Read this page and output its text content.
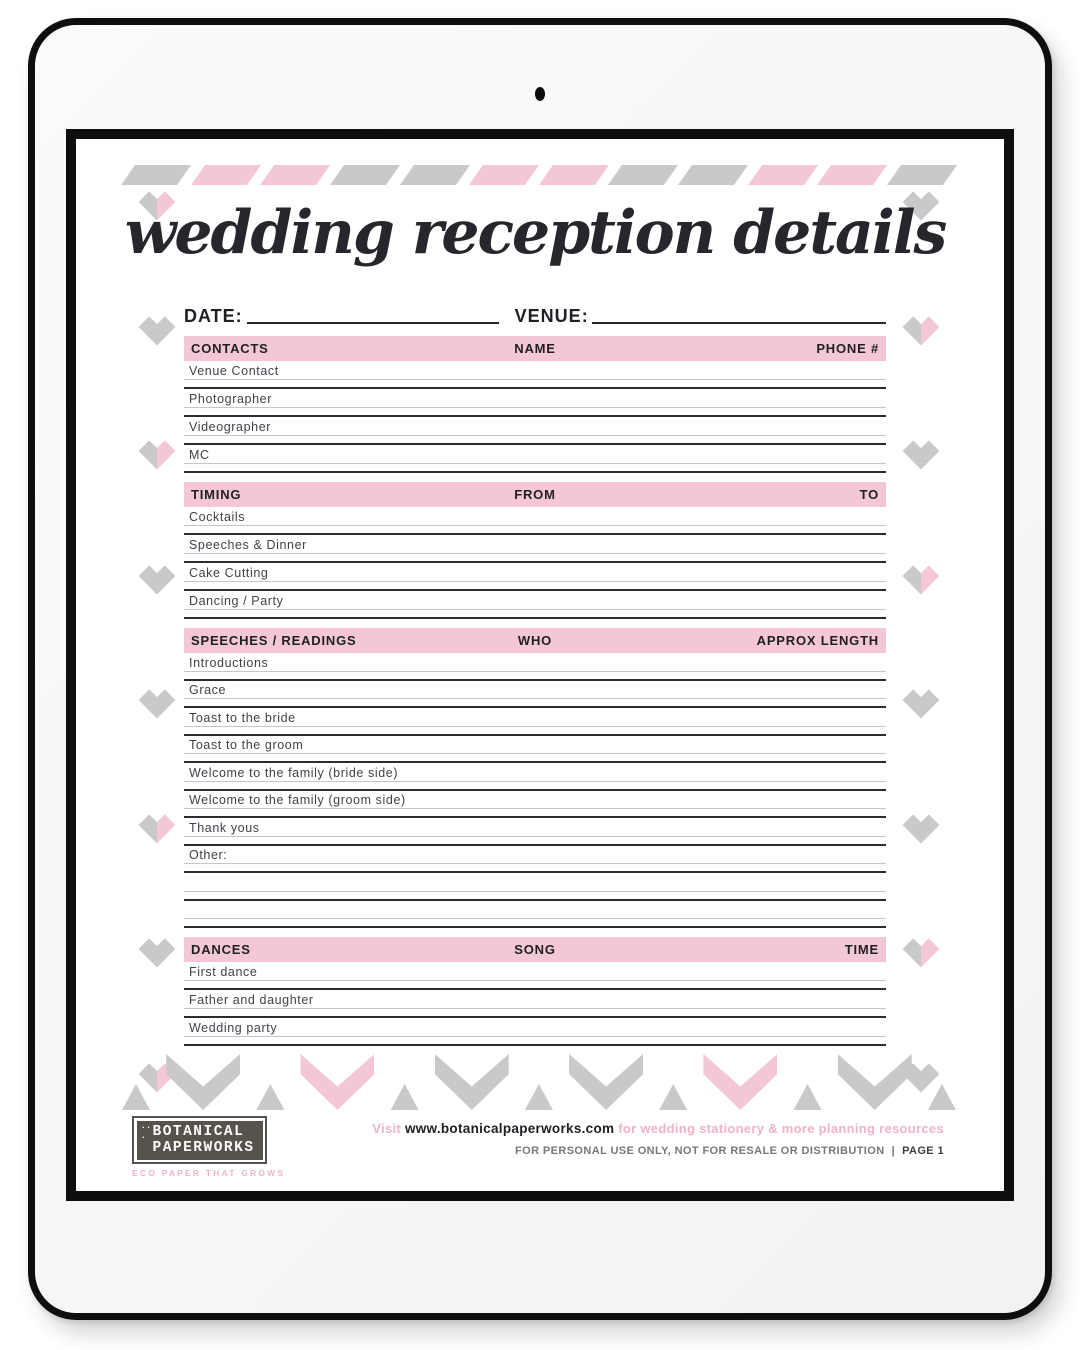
wedding reception details
DATE:	VENUE:
CONTACTS	NAME	PHONE #
Venue Contact
Photographer
Videographer
MC
TIMING	FROM	TO
Cocktails
Speeches & Dinner
Cake Cutting
Dancing / Party
SPEECHES / READINGS	WHO	APPROX LENGTH
Introductions
Grace
Toast to the bride
Toast to the groom
Welcome to the family (bride side)
Welcome to the family (groom side)
Thank yous
Other:
DANCES	SONG	TIME
First dance
Father and daughter
Wedding party
·· · BOTANICAL
PAPERWORKS
ECO PAPER THAT GROWS
Visit www.botanicalpaperworks.com for wedding stationery & more planning resources
FOR PERSONAL USE ONLY, NOT FOR RESALE OR DISTRIBUTION | PAGE 1
